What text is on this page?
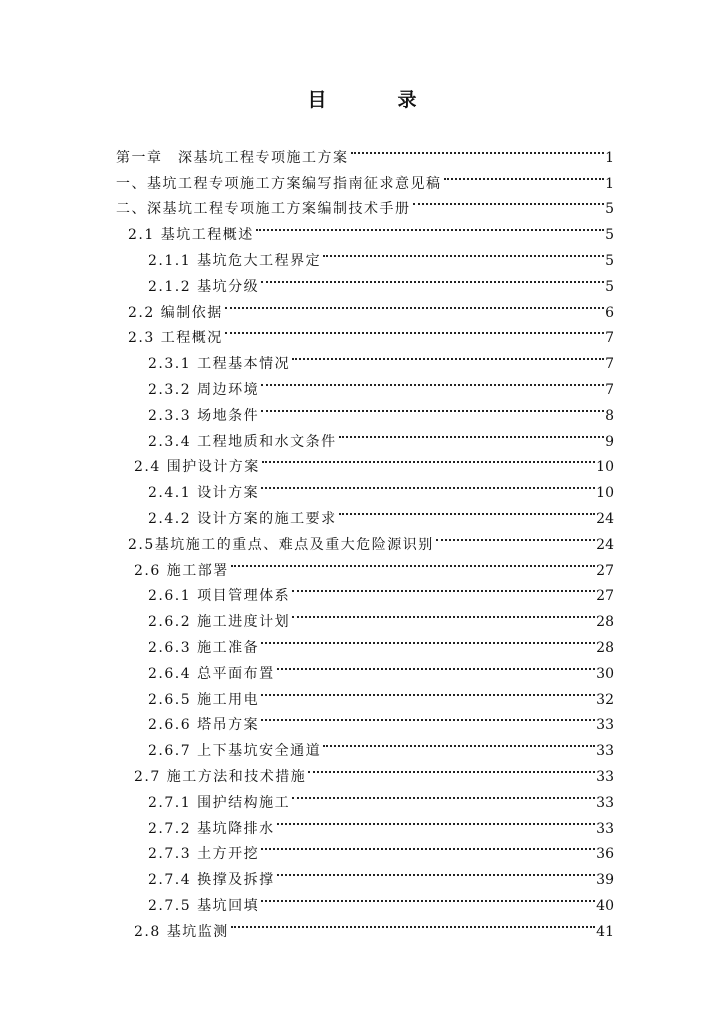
目　录
第一章　深基坑工程专项施工方案	1
一、基坑工程专项施工方案编写指南征求意见稿	1
二、深基坑工程专项施工方案编制技术手册	5
2.1 基坑工程概述	5
2.1.1 基坑危大工程界定	5
2.1.2 基坑分级	5
2.2 编制依据	6
2.3 工程概况	7
2.3.1 工程基本情况	7
2.3.2 周边环境	7
2.3.3 场地条件	8
2.3.4 工程地质和水文条件	9
2.4 围护设计方案	10
2.4.1 设计方案	10
2.4.2 设计方案的施工要求	24
2.5基坑施工的重点、难点及重大危险源识别	24
2.6 施工部署	27
2.6.1 项目管理体系	27
2.6.2 施工进度计划	28
2.6.3 施工准备	28
2.6.4 总平面布置	30
2.6.5 施工用电	32
2.6.6 塔吊方案	33
2.6.7 上下基坑安全通道	33
2.7 施工方法和技术措施	33
2.7.1 围护结构施工	33
2.7.2 基坑降排水	33
2.7.3 土方开挖	36
2.7.4 换撑及拆撑	39
2.7.5 基坑回填	40
2.8 基坑监测	41
